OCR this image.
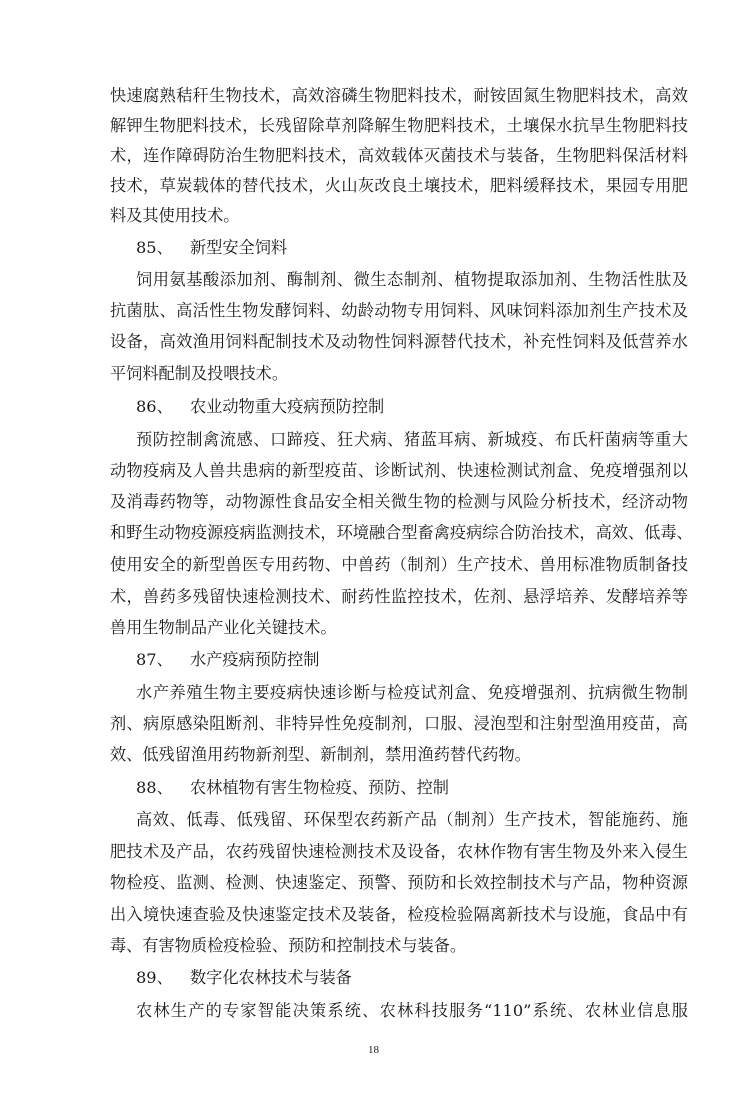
快速腐熟秸秆生物技术，高效溶磷生物肥料技术，耐铵固氮生物肥料技术，高效
解钾生物肥料技术，长残留除草剂降解生物肥料技术，土壤保水抗旱生物肥料技
术，连作障碍防治生物肥料技术，高效载体灭菌技术与装备，生物肥料保活材料
技术，草炭载体的替代技术，火山灰改良土壤技术，肥料缓释技术，果园专用肥
料及其使用技术。
85、 新型安全饲料
饲用氨基酸添加剂、酶制剂、微生态制剂、植物提取添加剂、生物活性肽及
抗菌肽、高活性生物发酵饲料、幼龄动物专用饲料、风味饲料添加剂生产技术及
设备，高效渔用饲料配制技术及动物性饲料源替代技术，补充性饲料及低营养水
平饲料配制及投喂技术。
86、 农业动物重大疫病预防控制
预防控制禽流感、口蹄疫、狂犬病、猪蓝耳病、新城疫、布氏杆菌病等重大
动物疫病及人兽共患病的新型疫苗、诊断试剂、快速检测试剂盒、免疫增强剂以
及消毒药物等，动物源性食品安全相关微生物的检测与风险分析技术，经济动物
和野生动物疫源疫病监测技术，环境融合型畜禽疫病综合防治技术，高效、低毒、
使用安全的新型兽医专用药物、中兽药（制剂）生产技术、兽用标准物质制备技
术，兽药多残留快速检测技术、耐药性监控技术，佐剂、悬浮培养、发酵培养等
兽用生物制品产业化关键技术。
87、 水产疫病预防控制
水产养殖生物主要疫病快速诊断与检疫试剂盒、免疫增强剂、抗病微生物制
剂、病原感染阻断剂、非特异性免疫制剂，口服、浸泡型和注射型渔用疫苗，高
效、低残留渔用药物新剂型、新制剂，禁用渔药替代药物。
88、 农林植物有害生物检疫、预防、控制
高效、低毒、低残留、环保型农药新产品（制剂）生产技术，智能施药、施
肥技术及产品，农药残留快速检测技术及设备，农林作物有害生物及外来入侵生
物检疫、监测、检测、快速鉴定、预警、预防和长效控制技术与产品，物种资源
出入境快速查验及快速鉴定技术及装备，检疫检验隔离新技术与设施，食品中有
毒、有害物质检疫检验、预防和控制技术与装备。
89、 数字化农林技术与装备
农林生产的专家智能决策系统、农林科技服务“110”系统、农林业信息服
18
